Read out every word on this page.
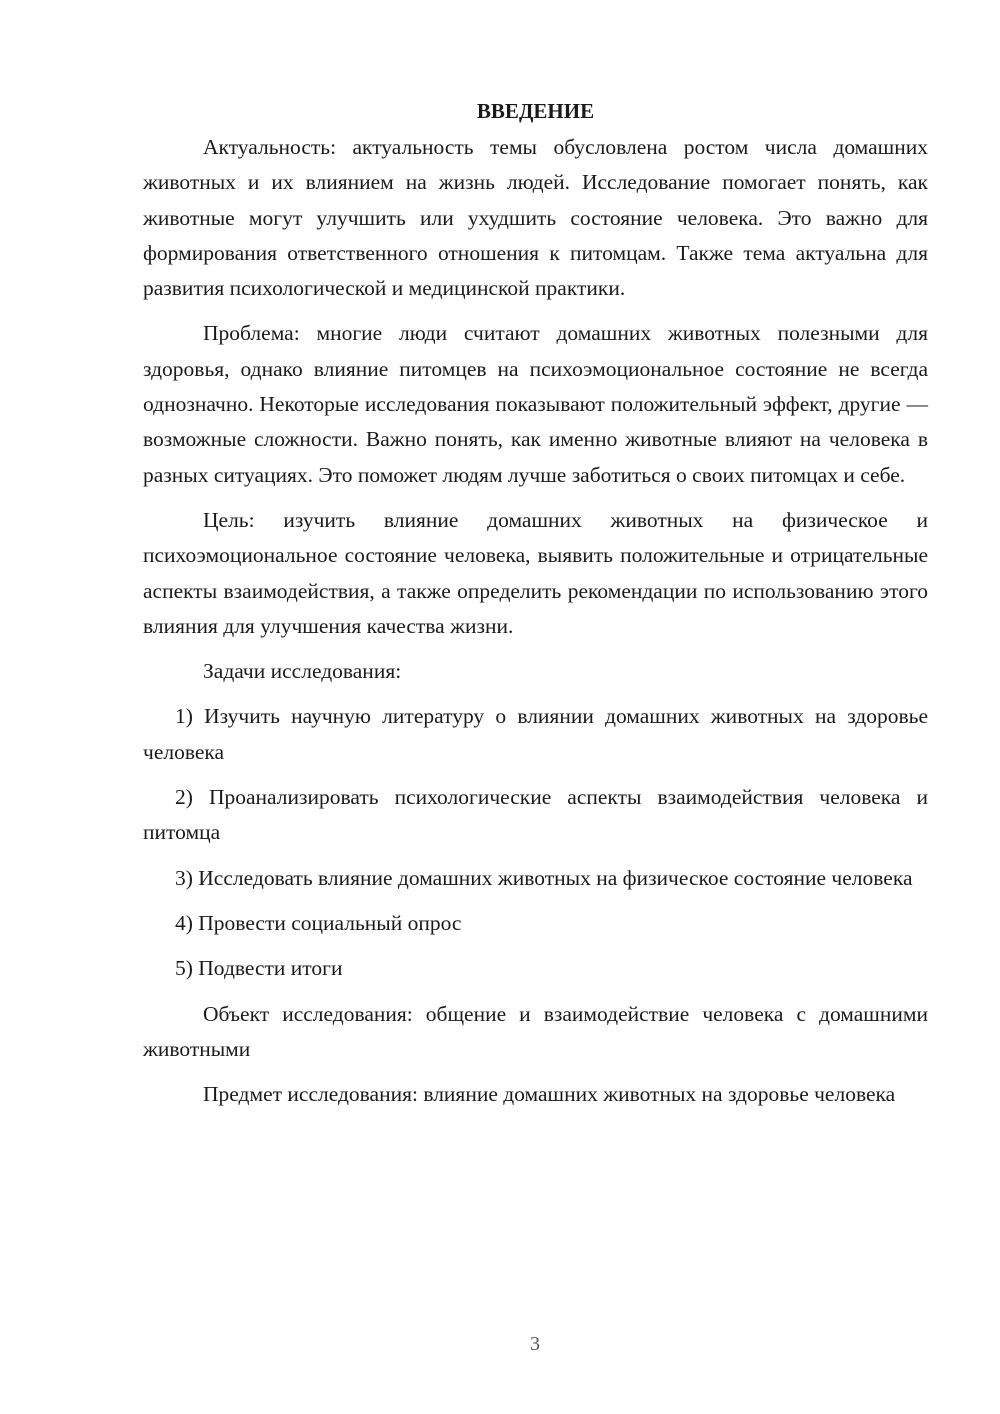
ВВЕДЕНИЕ

Актуальность: актуальность темы обусловлена ростом числа домашних животных и их влиянием на жизнь людей. Исследование помогает понять, как животные могут улучшить или ухудшить состояние человека. Это важно для формирования ответственного отношения к питомцам. Также тема актуальна для развития психологической и медицинской практики.

Проблема: многие люди считают домашних животных полезными для здоровья, однако влияние питомцев на психоэмоциональное состояние не всегда однозначно. Некоторые исследования показывают положительный эффект, другие — возможные сложности. Важно понять, как именно животные влияют на человека в разных ситуациях. Это поможет людям лучше заботиться о своих питомцах и себе.

Цель: изучить влияние домашних животных на физическое и психоэмоциональное состояние человека, выявить положительные и отрицательные аспекты взаимодействия, а также определить рекомендации по использованию этого влияния для улучшения качества жизни.

Задачи исследования:

1) Изучить научную литературу о влиянии домашних животных на здоровье человека

2) Проанализировать психологические аспекты взаимодействия человека и питомца

3) Исследовать влияние домашних животных на физическое состояние человека

4) Провести социальный опрос

5) Подвести итоги

Объект исследования: общение и взаимодействие человека с домашними животными

Предмет исследования: влияние домашних животных на здоровье человека

3
